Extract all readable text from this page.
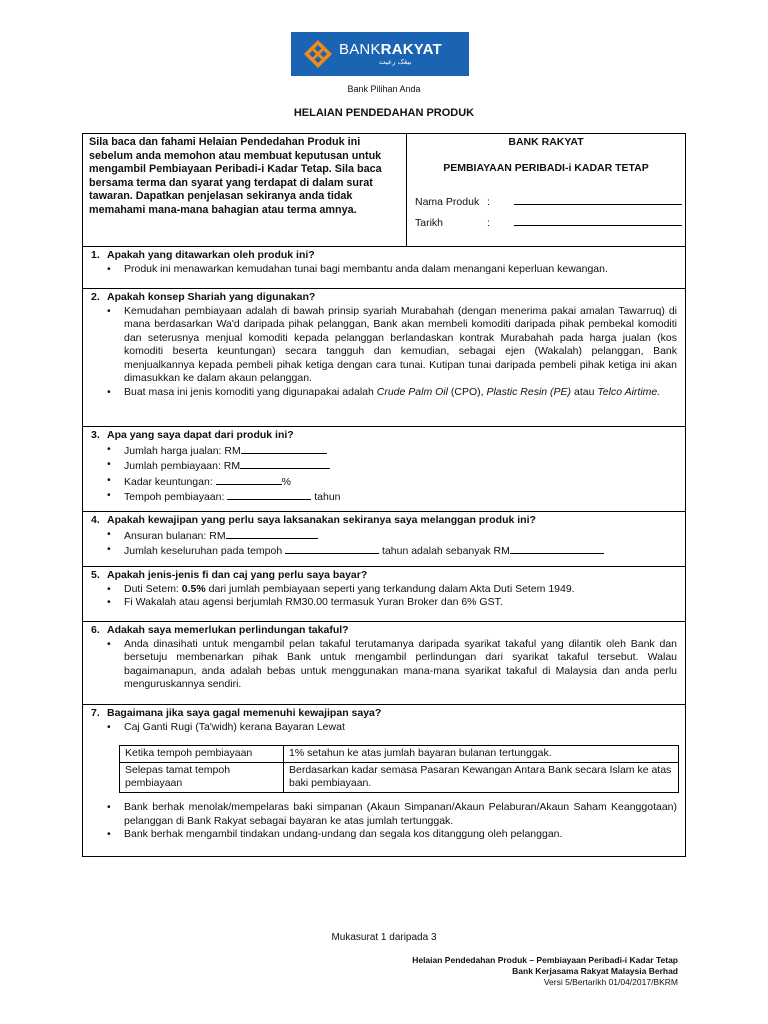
BANKRAKYAT
بيڠک رعيت
Bank Pilihan Anda
HELAIAN PENDEDAHAN PRODUK
Sila baca dan fahami Helaian Pendedahan Produk ini sebelum anda memohon atau membuat keputusan untuk mengambil Pembiayaan Peribadi-i Kadar Tetap. Sila baca bersama terma dan syarat yang terdapat di dalam surat tawaran. Dapatkan penjelasan sekiranya anda tidak memahami mana-mana bahagian atau terma amnya.
BANK RAKYAT
PEMBIAYAAN PERIBADI-i KADAR TETAP
Nama Produk :
Tarikh	:
1. Apakah yang ditawarkan oleh produk ini?
• Produk ini menawarkan kemudahan tunai bagi membantu anda dalam menangani keperluan kewangan.
2. Apakah konsep Shariah yang digunakan?
• Kemudahan pembiayaan adalah di bawah prinsip syariah Murabahah (dengan menerima pakai amalan Tawarruq) di mana berdasarkan Wa'd daripada pihak pelanggan, Bank akan membeli komoditi daripada pihak pembekal komoditi dan seterusnya menjual komoditi kepada pelanggan berlandaskan kontrak Murabahah pada harga jualan (kos komoditi beserta keuntungan) secara tangguh dan kemudian, sebagai ejen (Wakalah) pelanggan, Bank menjualkannya kepada pembeli pihak ketiga dengan cara tunai. Kutipan tunai daripada pembeli pihak ketiga ini akan dimasukkan ke dalam akaun pelanggan.
• Buat masa ini jenis komoditi yang digunapakai adalah Crude Palm Oil (CPO), Plastic Resin (PE) atau Telco Airtime.
3. Apa yang saya dapat dari produk ini?
• Jumlah harga jualan: RM
• Jumlah pembiayaan: RM
• Kadar keuntungan:	%
• Tempoh pembiayaan:	tahun
4. Apakah kewajipan yang perlu saya laksanakan sekiranya saya melanggan produk ini?
• Ansuran bulanan: RM
• Jumlah keseluruhan pada tempoh	tahun adalah sebanyak RM
5. Apakah jenis-jenis fi dan caj yang perlu saya bayar?
• Duti Setem: 0.5% dari jumlah pembiayaan seperti yang terkandung dalam Akta Duti Setem 1949.
• Fi Wakalah atau agensi berjumlah RM30.00 termasuk Yuran Broker dan 6% GST.
6. Adakah saya memerlukan perlindungan takaful?
• Anda dinasihati untuk mengambil pelan takaful terutamanya daripada syarikat takaful yang dilantik oleh Bank dan bersetuju membenarkan pihak Bank untuk mengambil perlindungan dari syarikat takaful tersebut. Walau bagaimanapun, anda adalah bebas untuk menggunakan mana-mana syarikat takaful di Malaysia dan anda perlu menguruskannya sendiri.
7. Bagaimana jika saya gagal memenuhi kewajipan saya?
• Caj Ganti Rugi (Ta'widh) kerana Bayaran Lewat
• Bank berhak menolak/mempelaras baki simpanan (Akaun Simpanan/Akaun Pelaburan/Akaun Saham Keanggotaan) pelanggan di Bank Rakyat sebagai bayaran ke atas jumlah tertunggak.
• Bank berhak mengambil tindakan undang-undang dan segala kos ditanggung oleh pelanggan.
Ketika tempoh pembiayaan	1% setahun ke atas jumlah bayaran bulanan tertunggak.
Selepas tamat tempoh pembiayaan	Berdasarkan kadar semasa Pasaran Kewangan Antara Bank secara Islam ke atas baki pembiayaan.
Mukasurat 1 daripada 3
Helaian Pendedahan Produk – Pembiayaan Peribadi-i Kadar Tetap
Bank Kerjasama Rakyat Malaysia Berhad
Versi 5/Bertarikh 01/04/2017/BKRM
